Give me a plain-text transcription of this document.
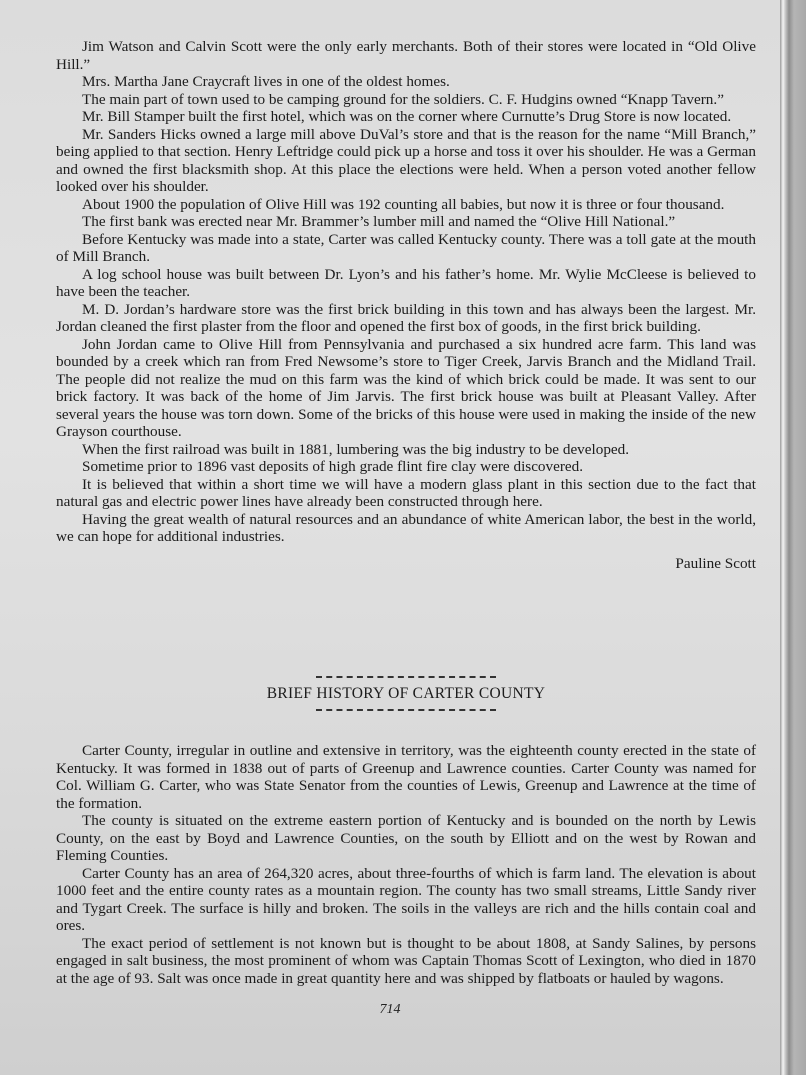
Jim Watson and Calvin Scott were the only early merchants. Both of their stores were located in “Old Olive Hill.”

Mrs. Martha Jane Craycraft lives in one of the oldest homes.

The main part of town used to be camping ground for the soldiers. C. F. Hudgins owned “Knapp Tavern.”

Mr. Bill Stamper built the first hotel, which was on the corner where Curnutte’s Drug Store is now located.

Mr. Sanders Hicks owned a large mill above DuVal’s store and that is the reason for the name “Mill Branch,” being applied to that section. Henry Leftridge could pick up a horse and toss it over his shoulder. He was a German and owned the first blacksmith shop. At this place the elections were held. When a person voted another fellow looked over his shoulder.

About 1900 the population of Olive Hill was 192 counting all babies, but now it is three or four thousand.

The first bank was erected near Mr. Brammer’s lumber mill and named the “Olive Hill National.”

Before Kentucky was made into a state, Carter was called Kentucky county. There was a toll gate at the mouth of Mill Branch.

A log school house was built between Dr. Lyon’s and his father’s home. Mr. Wylie McCleese is believed to have been the teacher.

M. D. Jordan’s hardware store was the first brick building in this town and has always been the largest. Mr. Jordan cleaned the first plaster from the floor and opened the first box of goods, in the first brick building.

John Jordan came to Olive Hill from Pennsylvania and purchased a six hundred acre farm. This land was bounded by a creek which ran from Fred Newsome’s store to Tiger Creek, Jarvis Branch and the Midland Trail. The people did not realize the mud on this farm was the kind of which brick could be made. It was sent to our brick factory. It was back of the home of Jim Jarvis. The first brick house was built at Pleasant Valley. After several years the house was torn down. Some of the bricks of this house were used in making the inside of the new Grayson courthouse.

When the first railroad was built in 1881, lumbering was the big industry to be developed.

Sometime prior to 1896 vast deposits of high grade flint fire clay were discovered.

It is believed that within a short time we will have a modern glass plant in this section due to the fact that natural gas and electric power lines have already been constructed through here.

Having the great wealth of natural resources and an abundance of white American labor, the best in the world, we can hope for additional industries.

Pauline Scott
BRIEF HISTORY OF CARTER COUNTY

Carter County, irregular in outline and extensive in territory, was the eighteenth county erected in the state of Kentucky. It was formed in 1838 out of parts of Greenup and Lawrence counties. Carter County was named for Col. William G. Carter, who was State Senator from the counties of Lewis, Greenup and Lawrence at the time of the formation.

The county is situated on the extreme eastern portion of Kentucky and is bounded on the north by Lewis County, on the east by Boyd and Lawrence Counties, on the south by Elliott and on the west by Rowan and Fleming Counties.

Carter County has an area of 264,320 acres, about three-fourths of which is farm land. The elevation is about 1000 feet and the entire county rates as a mountain region. The county has two small streams, Little Sandy river and Tygart Creek. The surface is hilly and broken. The soils in the valleys are rich and the hills contain coal and ores.

The exact period of settlement is not known but is thought to be about 1808, at Sandy Salines, by persons engaged in salt business, the most prominent of whom was Captain Thomas Scott of Lexington, who died in 1870 at the age of 93. Salt was once made in great quantity here and was shipped by flatboats or hauled by wagons.

714
